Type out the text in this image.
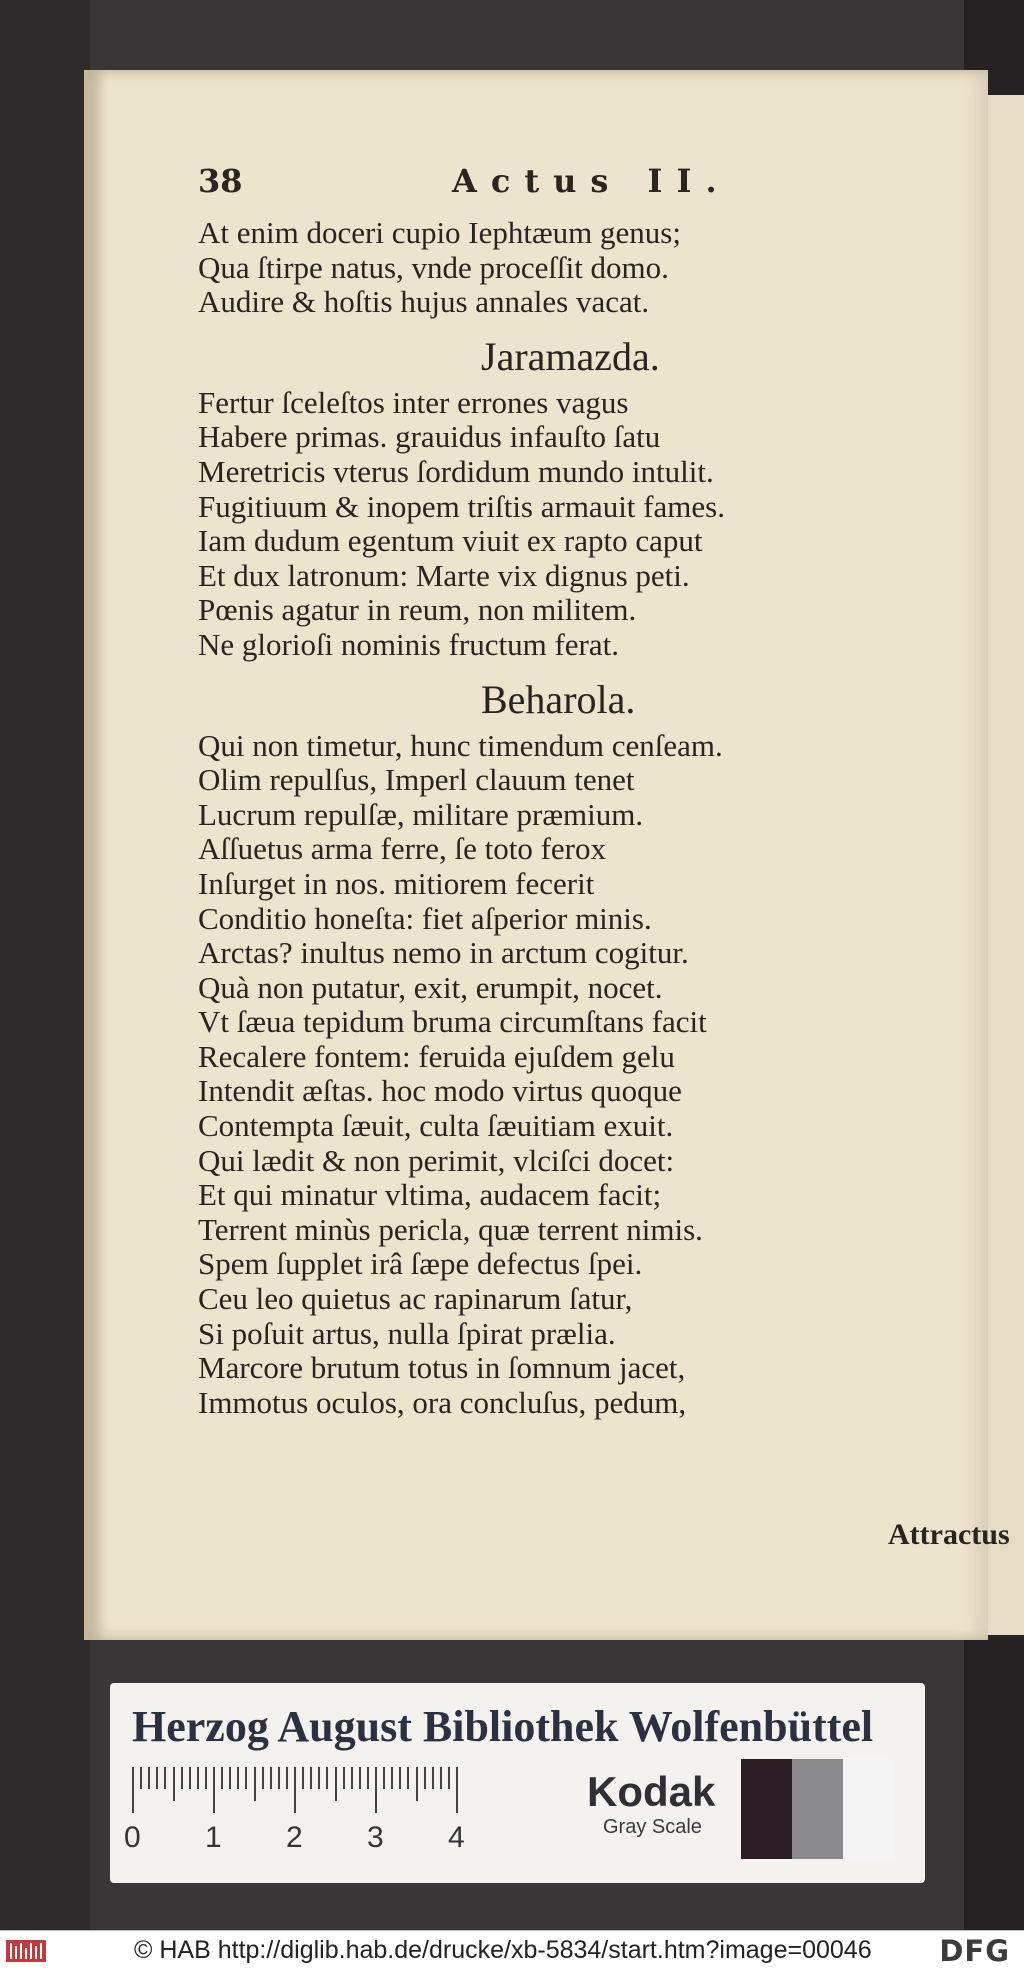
38	Actus II.
At enim doceri cupio Iephtæum genus;
Qua ſtirpe natus, vnde proceſſit domo.
Audire & hoſtis hujus annales vacat.
Jaramazda.
Fertur ſceleſtos inter errones vagus
Habere primas. grauidus infauſto ſatu
Meretricis vterus ſordidum mundo intulit.
Fugitiuum & inopem triſtis armauit fames.
Iam dudum egentum viuit ex rapto caput
Et dux latronum: Marte vix dignus peti.
Pœnis agatur in reum, non militem.
Ne glorioſi nominis fructum ferat.
Beharola.
Qui non timetur, hunc timendum cenſeam.
Olim repulſus, Imperl clauum tenet
Lucrum repulſæ, militare præmium.
Aſſuetus arma ferre, ſe toto ferox
Inſurget in nos. mitiorem fecerit
Conditio honeſta: fiet aſperior minis.
Arctas? inultus nemo in arctum cogitur.
Quà non putatur, exit, erumpit, nocet.
Vt ſæua tepidum bruma circumſtans facit
Recalere fontem: feruida ejuſdem gelu
Intendit æſtas. hoc modo virtus quoque
Contempta ſæuit, culta ſæuitiam exuit.
Qui lædit & non perimit, vlciſci docet:
Et qui minatur vltima, audacem facit;
Terrent minùs pericla, quæ terrent nimis.
Spem ſupplet irâ ſæpe defectus ſpei.
Ceu leo quietus ac rapinarum ſatur,
Si poſuit artus, nulla ſpirat prælia.
Marcore brutum totus in ſomnum jacet,
Immotus oculos, ora concluſus, pedum,
Attractus
Herzog August Bibliothek Wolfenbüttel
0 1 2 3 4
Kodak
Gray Scale
© HAB http://diglib.hab.de/drucke/xb-5834/start.htm?image=00046 DFG
